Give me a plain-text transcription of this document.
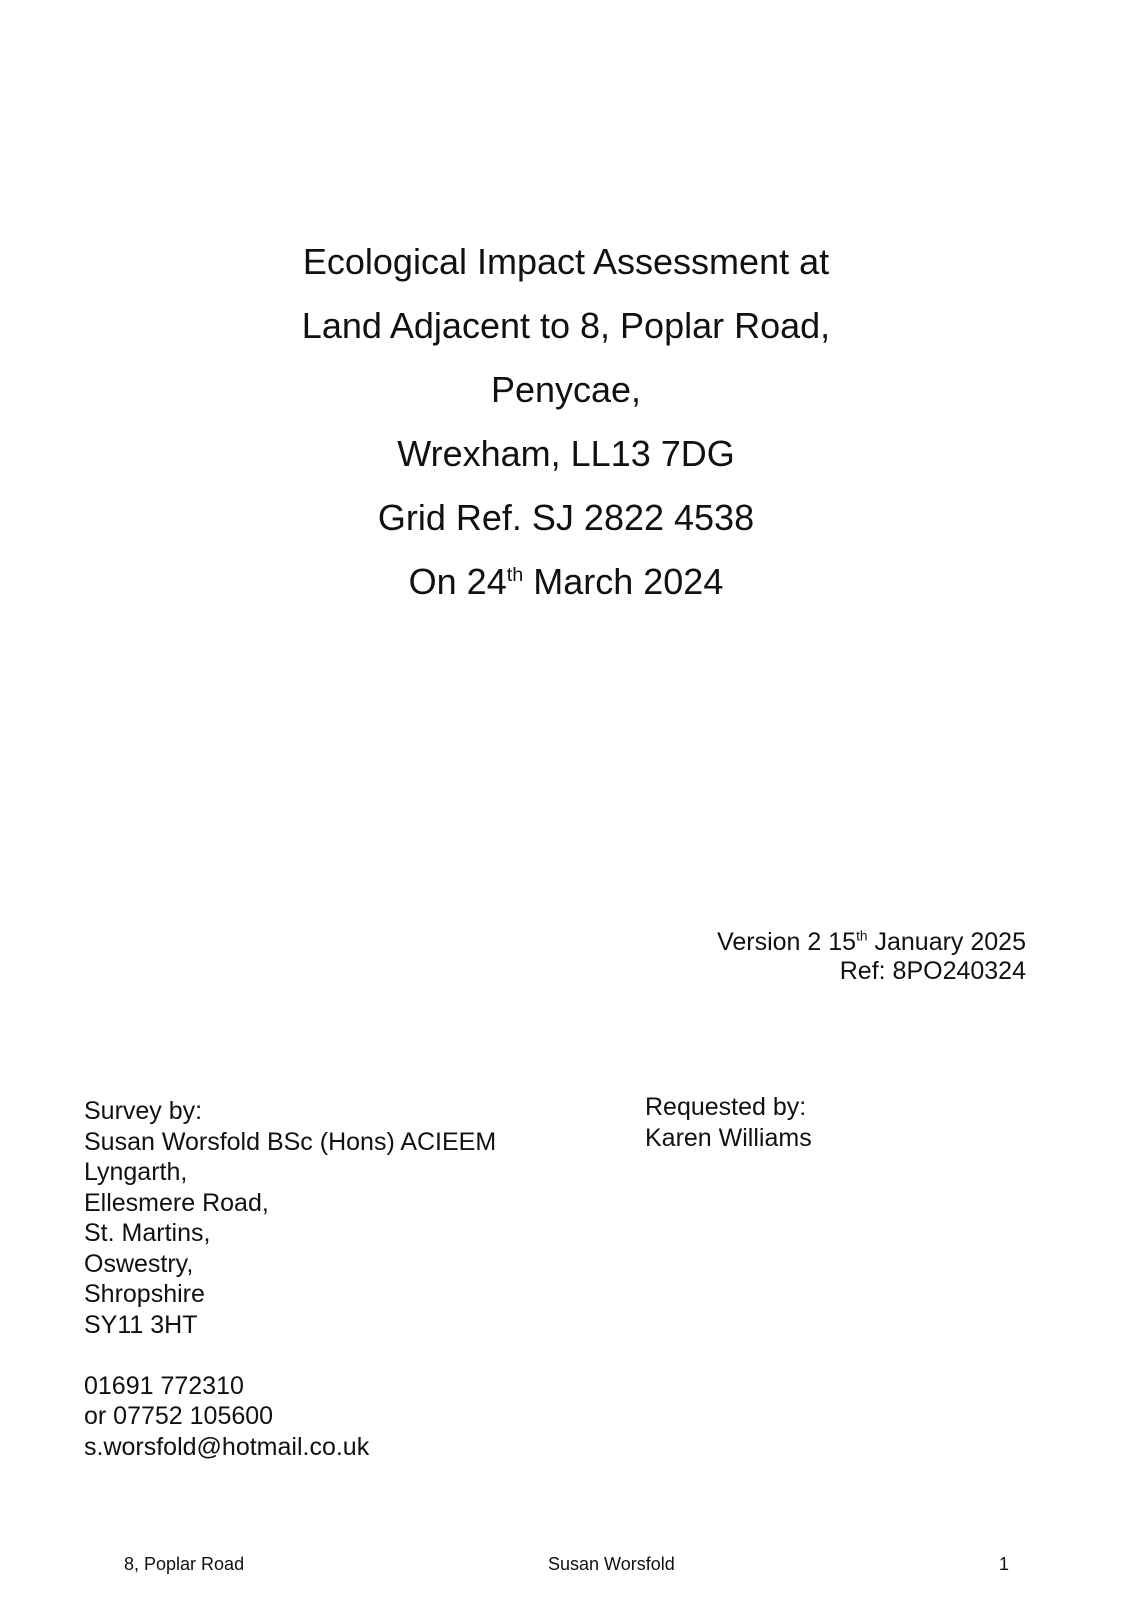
Ecological Impact Assessment at
Land Adjacent to 8, Poplar Road,
Penycae,
Wrexham, LL13 7DG
Grid Ref. SJ 2822 4538
On 24th March 2024
Version 2 15th January 2025
Ref: 8PO240324
Survey by:
Susan Worsfold BSc (Hons) ACIEEM
Lyngarth,
Ellesmere Road,
St. Martins,
Oswestry,
Shropshire
SY11 3HT
01691 772310
or 07752 105600
s.worsfold@hotmail.co.uk
Requested by:
Karen Williams
8, Poplar Road	Susan Worsfold	1
